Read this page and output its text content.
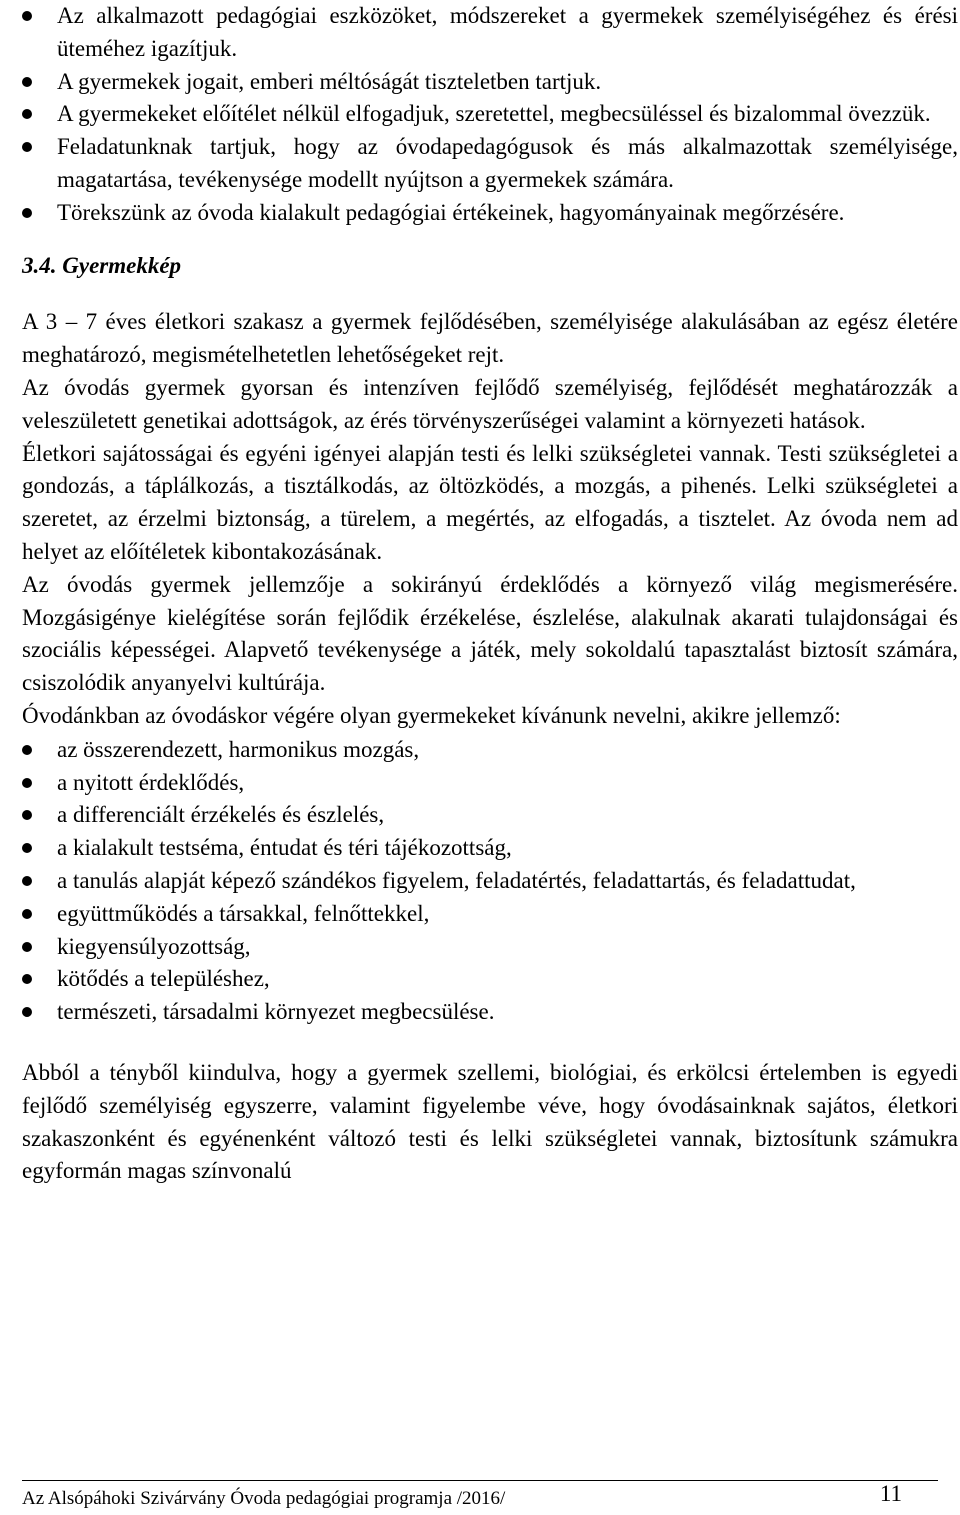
Az alkalmazott pedagógiai eszközöket, módszereket a gyermekek személyiségéhez és érési üteméhez igazítjuk.
A gyermekek jogait, emberi méltóságát tiszteletben tartjuk.
A gyermekeket előítélet nélkül elfogadjuk, szeretettel, megbecsüléssel és bizalommal övezzük.
Feladatunknak tartjuk, hogy az óvodapedagógusok és más alkalmazottak személyisége, magatartása, tevékenysége modellt nyújtson a gyermekek számára.
Törekszünk az óvoda kialakult pedagógiai értékeinek, hagyományainak megőrzésére.
3.4. Gyermekkép

A 3 – 7 éves életkori szakasz a gyermek fejlődésében, személyisége alakulásában az egész életére meghatározó, megismételhetetlen lehetőségeket rejt.

Az óvodás gyermek gyorsan és intenzíven fejlődő személyiség, fejlődését meghatározzák a veleszületett genetikai adottságok, az érés törvényszerűségei valamint a környezeti hatások.

Életkori sajátosságai és egyéni igényei alapján testi és lelki szükségletei vannak. Testi szükségletei a gondozás, a táplálkozás, a tisztálkodás, az öltözködés, a mozgás, a pihenés. Lelki szükségletei a szeretet, az érzelmi biztonság, a türelem, a megértés, az elfogadás, a tisztelet. Az óvoda nem ad helyet az előítéletek kibontakozásának.

Az óvodás gyermek jellemzője a sokirányú érdeklődés a környező világ megismerésére. Mozgásigénye kielégítése során fejlődik érzékelése, észlelése, alakulnak akarati tulajdonságai és szociális képességei. Alapvető tevékenysége a játék, mely sokoldalú tapasztalást biztosít számára, csiszolódik anyanyelvi kultúrája.

Óvodánkban az óvodáskor végére olyan gyermekeket kívánunk nevelni, akikre jellemző:

az összerendezett, harmonikus mozgás,
a nyitott érdeklődés,
a differenciált érzékelés és észlelés,
a kialakult testséma, éntudat és téri tájékozottság,
a tanulás alapját képező szándékos figyelem, feladatértés, feladattartás, és feladattudat,
együttműködés a társakkal, felnőttekkel,
kiegyensúlyozottság,
kötődés a településhez,
természeti, társadalmi környezet megbecsülése.

Abból a tényből kiindulva, hogy a gyermek szellemi, biológiai, és erkölcsi értelemben is egyedi fejlődő személyiség egyszerre, valamint figyelembe véve, hogy óvodásainknak sajátos, életkori szakaszonként és egyénenként változó testi és lelki szükségletei vannak, biztosítunk számukra egyformán magas színvonalú

Az Alsópáhoki Szivárvány Óvoda pedagógiai programja /2016/	11
